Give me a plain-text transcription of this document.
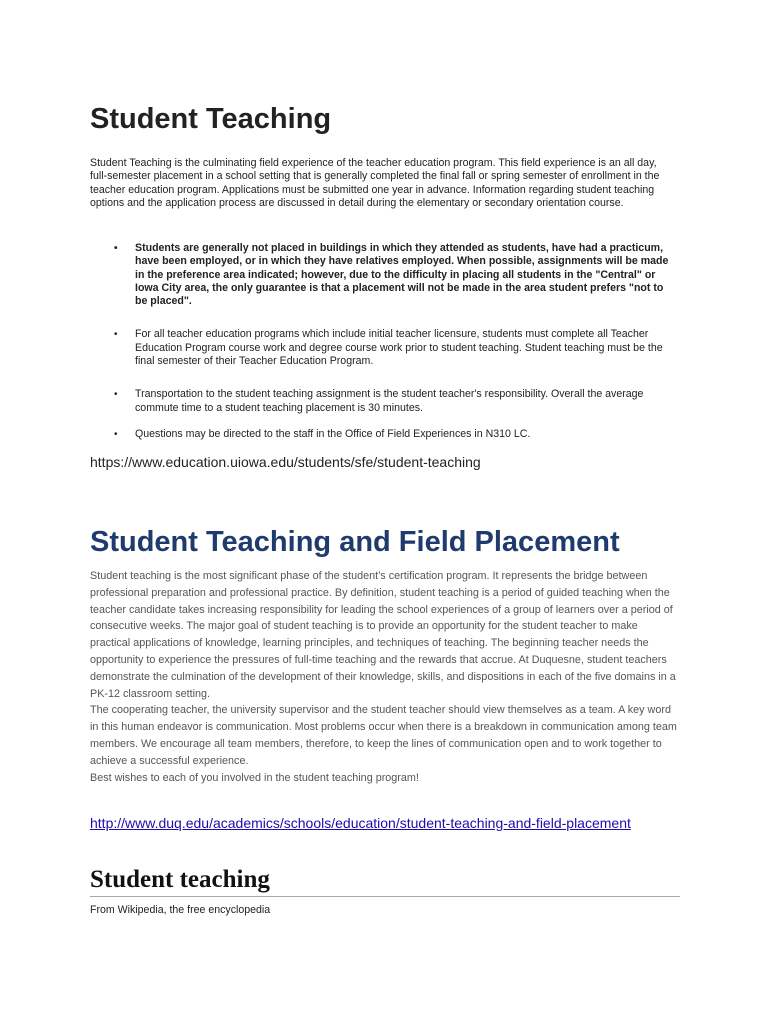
Student Teaching

Student Teaching is the culminating field experience of the teacher education program. This field experience is an all day, full-semester placement in a school setting that is generally completed the final fall or spring semester of enrollment in the teacher education program. Applications must be submitted one year in advance. Information regarding student teaching options and the application process are discussed in detail during the elementary or secondary orientation course.

• Students are generally not placed in buildings in which they attended as students, have had a practicum, have been employed, or in which they have relatives employed. When possible, assignments will be made in the preference area indicated; however, due to the difficulty in placing all students in the "Central" or Iowa City area, the only guarantee is that a placement will not be made in the area student prefers "not to be placed".
• For all teacher education programs which include initial teacher licensure, students must complete all Teacher Education Program course work and degree course work prior to student teaching. Student teaching must be the final semester of their Teacher Education Program.
• Transportation to the student teaching assignment is the student teacher's responsibility. Overall the average commute time to a student teaching placement is 30 minutes.
• Questions may be directed to the staff in the Office of Field Experiences in N310 LC.

https://www.education.uiowa.edu/students/sfe/student-teaching

Student Teaching and Field Placement

Student teaching is the most significant phase of the student’s certification program. It represents the bridge between professional preparation and professional practice. By definition, student teaching is a period of guided teaching when the teacher candidate takes increasing responsibility for leading the school experiences of a group of learners over a period of consecutive weeks. The major goal of student teaching is to provide an opportunity for the student teacher to make practical applications of knowledge, learning principles, and techniques of teaching. The beginning teacher needs the opportunity to experience the pressures of full-time teaching and the rewards that accrue. At Duquesne, student teachers demonstrate the culmination of the development of their knowledge, skills, and dispositions in each of the five domains in a PK-12 classroom setting.

The cooperating teacher, the university supervisor and the student teacher should view themselves as a team. A key word in this human endeavor is communication. Most problems occur when there is a breakdown in communication among team members. We encourage all team members, therefore, to keep the lines of communication open and to work together to achieve a successful experience.

Best wishes to each of you involved in the student teaching program!

http://www.duq.edu/academics/schools/education/student-teaching-and-field-placement
Student teaching

From Wikipedia, the free encyclopedia
